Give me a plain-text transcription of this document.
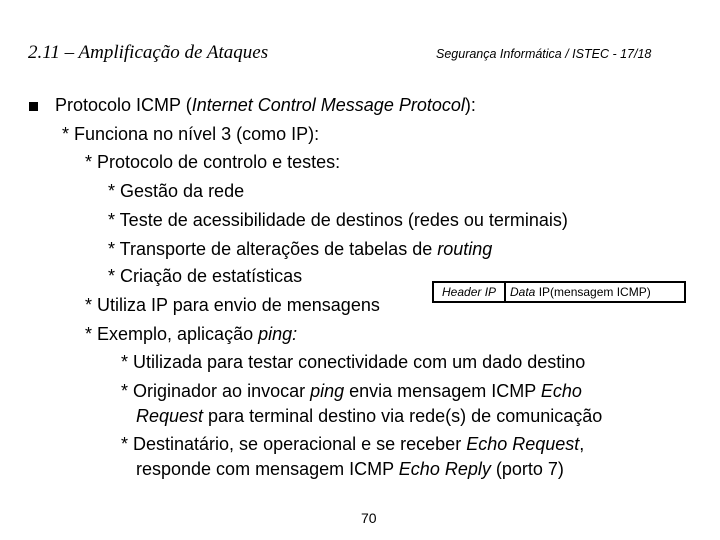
2.11 – Amplificação de Ataques	Segurança Informática / ISTEC - 17/18
Protocolo ICMP (Internet Control Message Protocol):
* Funciona no nível 3 (como IP):
* Protocolo de controlo e testes:
* Gestão da rede
* Teste de acessibilidade de destinos (redes ou terminais)
* Transporte de alterações de tabelas de routing
* Criação de estatísticas
Header IP	Data IP(mensagem ICMP)
* Utiliza IP para envio de mensagens
* Exemplo, aplicação ping:
* Utilizada para testar conectividade com um dado destino
* Originador ao invocar ping envia mensagem ICMP Echo
Request para terminal destino via rede(s) de comunicação
* Destinatário, se operacional e se receber Echo Request,
responde com mensagem ICMP Echo Reply (porto 7)
70
